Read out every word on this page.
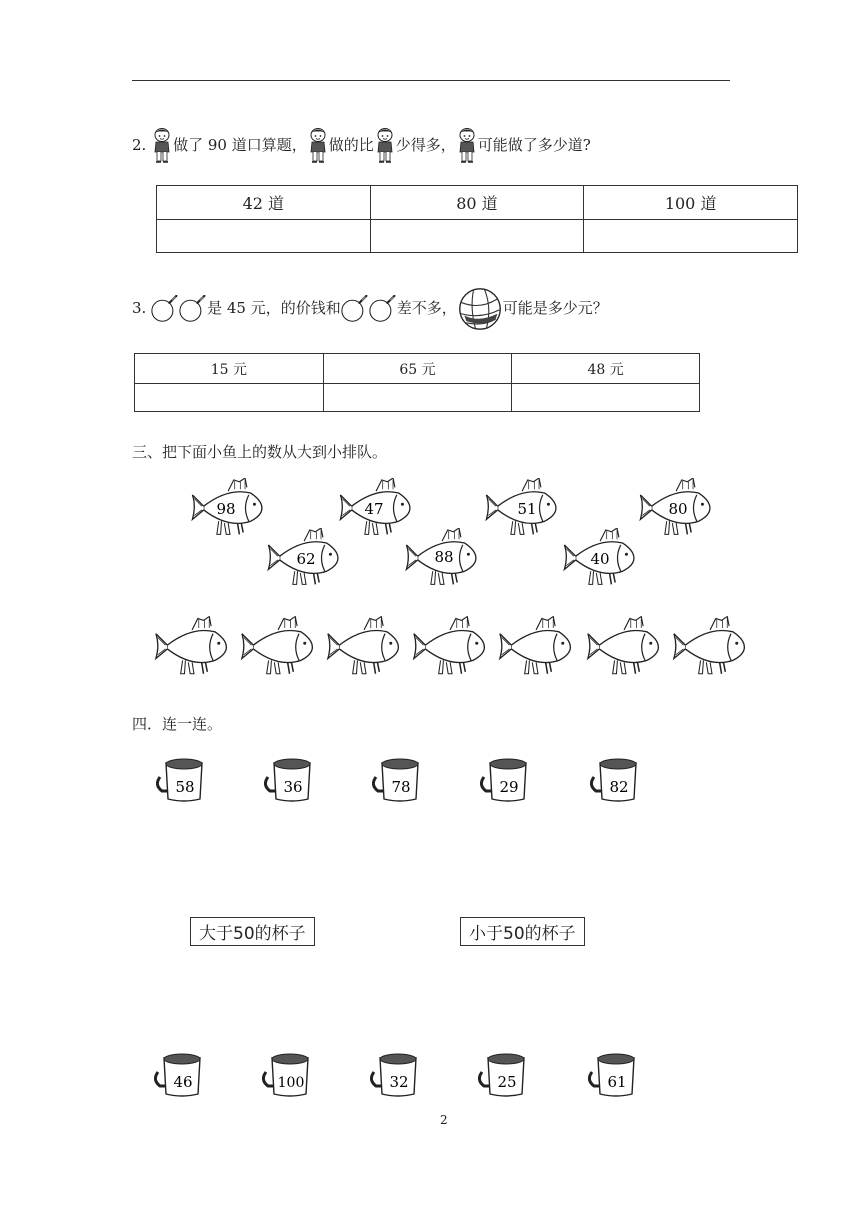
2. 做了 90 道口算题， 做的比 少得多， 可能做了多少道?
42 道	80 道	100 道

3.	是 45 元，的价钱和	差不多，	可能是多少元？
15 元	65 元	48 元

三、把下面小鱼上的数从大到小排队。
98	47	51	80
62	88	40
四．连一连。
58	36	78	29	82
大于50的杯子	小于50的杯子
46	100	32	25	61
2
